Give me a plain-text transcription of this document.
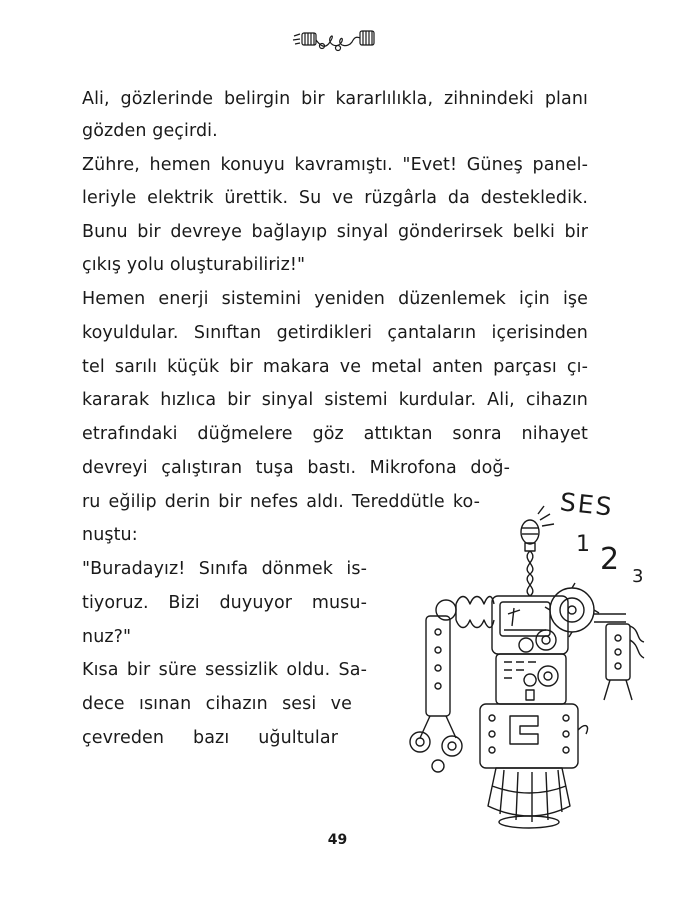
Ali, gözlerinde belirgin bir kararlılıkla, zihnindeki planı
gözden geçirdi.
Zühre, hemen konuyu kavramıştı. "Evet! Güneş panel-
leriyle elektrik ürettik. Su ve rüzgârla da destekledik.
Bunu bir devreye bağlayıp sinyal gönderirsek belki bir
çıkış yolu oluşturabiliriz!"
Hemen enerji sistemini yeniden düzenlemek için işe
koyuldular. Sınıftan getirdikleri çantaların içerisinden
tel sarılı küçük bir makara ve metal anten parçası çı-
kararak hızlıca bir sinyal sistemi kurdular. Ali, cihazın
etrafındaki düğmelere göz attıktan sonra nihayet
devreyi çalıştıran tuşa bastı. Mikrofona doğ-
ru eğilip derin bir nefes aldı. Tereddütle ko-
nuştu:
"Buradayız! Sınıfa dönmek is-
tiyoruz. Bizi duyuyor musu-
nuz?"
Kısa bir süre sessizlik oldu. Sa-
dece ısınan cihazın sesi ve
çevreden bazı uğultular
SES
1 2 3
49
